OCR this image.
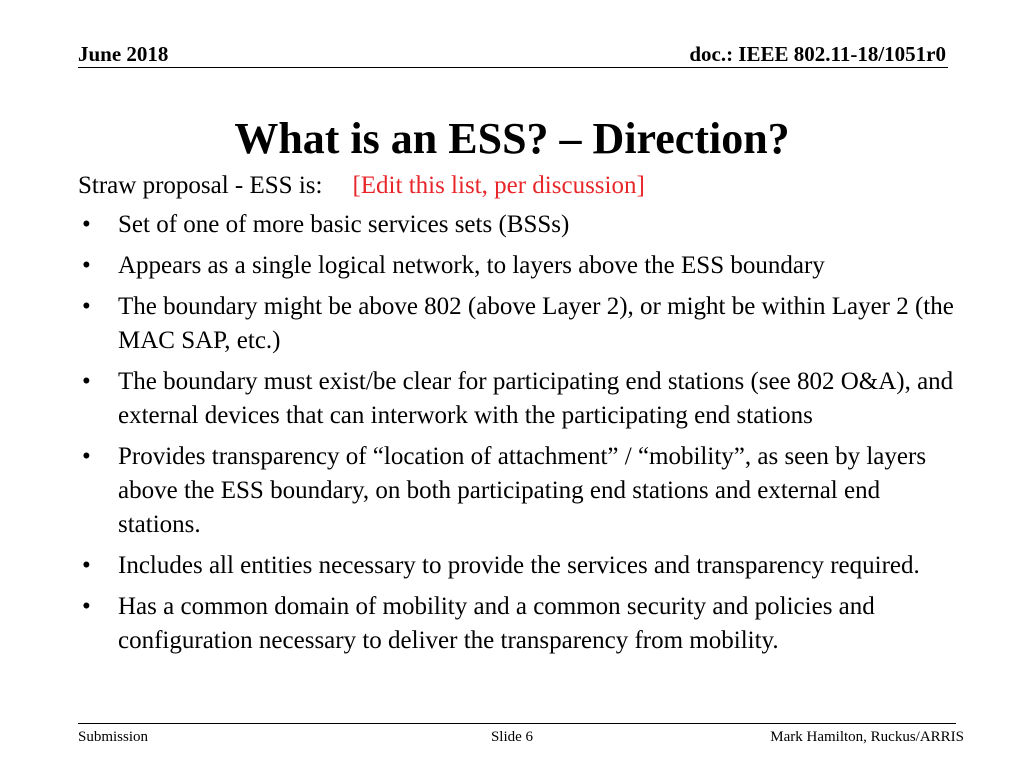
June 2018	doc.: IEEE 802.11-18/1051r0
What is an ESS? – Direction?
Straw proposal - ESS is: [Edit this list, per discussion]
• Set of one of more basic services sets (BSSs)
• Appears as a single logical network, to layers above the ESS boundary
• The boundary might be above 802 (above Layer 2), or might be within Layer 2 (the MAC SAP, etc.)
• The boundary must exist/be clear for participating end stations (see 802 O&A), and external devices that can interwork with the participating end stations
• Provides transparency of “location of attachment” / “mobility”, as seen by layers above the ESS boundary, on both participating end stations and external end stations.
• Includes all entities necessary to provide the services and transparency required.
• Has a common domain of mobility and a common security and policies and configuration necessary to deliver the transparency from mobility.
Submission	Slide 6	Mark Hamilton, Ruckus/ARRIS
